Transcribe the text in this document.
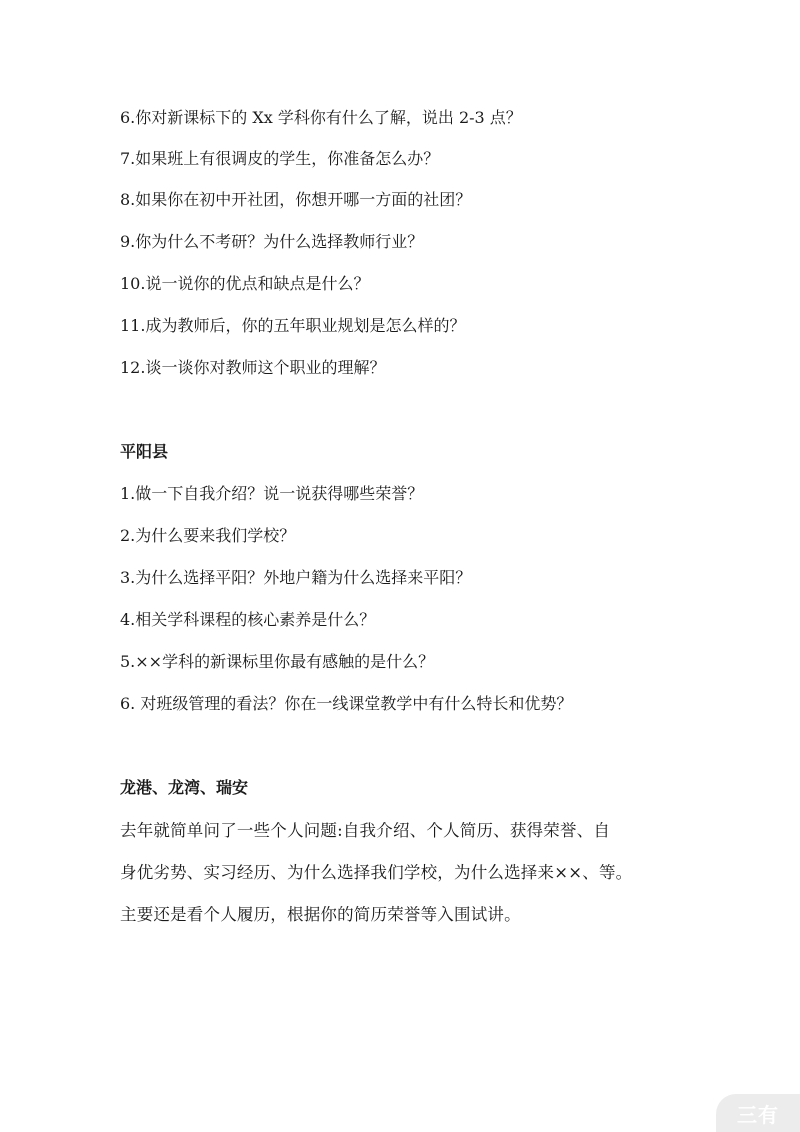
6.你对新课标下的 Xx 学科你有什么了解，说出 2-3 点？
7.如果班上有很调皮的学生，你准备怎么办？
8.如果你在初中开社团，你想开哪一方面的社团？
9.你为什么不考研？为什么选择教师行业？
10.说一说你的优点和缺点是什么？
11.成为教师后，你的五年职业规划是怎么样的？
12.谈一谈你对教师这个职业的理解？
平阳县
1.做一下自我介绍？说一说获得哪些荣誉？
2.为什么要来我们学校？
3.为什么选择平阳？外地户籍为什么选择来平阳？
4.相关学科课程的核心素养是什么？
5.××学科的新课标里你最有感触的是什么？
6. 对班级管理的看法？你在一线课堂教学中有什么特长和优势？
龙港、龙湾、瑞安
去年就简单问了一些个人问题:自我介绍、个人简历、获得荣誉、自
身优劣势、实习经历、为什么选择我们学校，为什么选择来××、等。
主要还是看个人履历，根据你的简历荣誉等入围试讲。
三有
